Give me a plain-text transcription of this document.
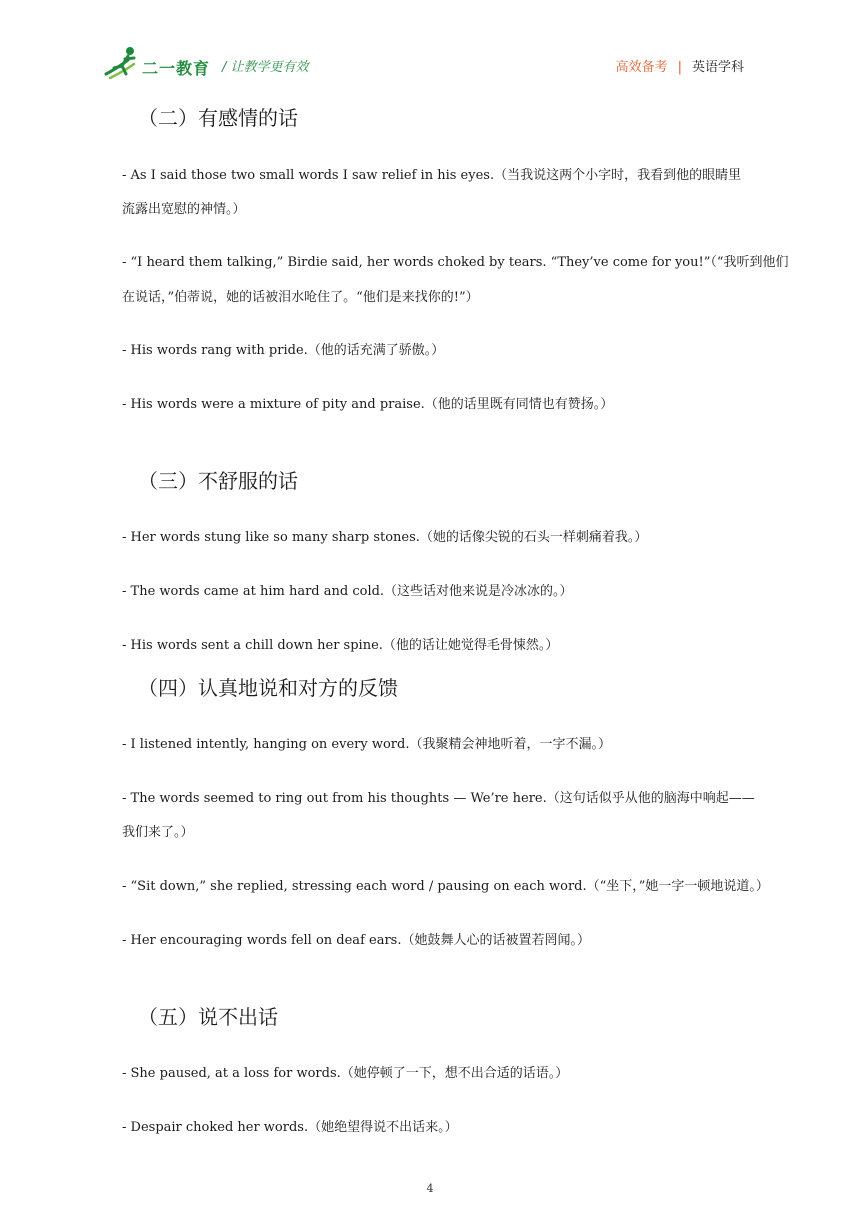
二一教育 / 让教学更有效	高效备考 | 英语学科
（二）有感情的话
- As I said those two small words I saw relief in his eyes.（当我说这两个小字时，我看到他的眼睛里
流露出宽慰的神情。）
- “I heard them talking,” Birdie said, her words choked by tears. “They’ve come for you!”（“我听到他们
在说话，”伯蒂说，她的话被泪水呛住了。“他们是来找你的!”）
- His words rang with pride.（他的话充满了骄傲。）
- His words were a mixture of pity and praise.（他的话里既有同情也有赞扬。）
（三）不舒服的话
- Her words stung like so many sharp stones.（她的话像尖锐的石头一样刺痛着我。）
- The words came at him hard and cold.（这些话对他来说是冷冰冰的。）
- His words sent a chill down her spine.（他的话让她觉得毛骨悚然。）
（四）认真地说和对方的反馈
- I listened intently, hanging on every word.（我聚精会神地听着，一字不漏。）
- The words seemed to ring out from his thoughts — We’re here.（这句话似乎从他的脑海中响起——
我们来了。）
- “Sit down,” she replied, stressing each word / pausing on each word.（“坐下，”她一字一顿地说道。）
- Her encouraging words fell on deaf ears.（她鼓舞人心的话被置若罔闻。）
（五）说不出话
- She paused, at a loss for words.（她停顿了一下，想不出合适的话语。）
- Despair choked her words.（她绝望得说不出话来。）
4
